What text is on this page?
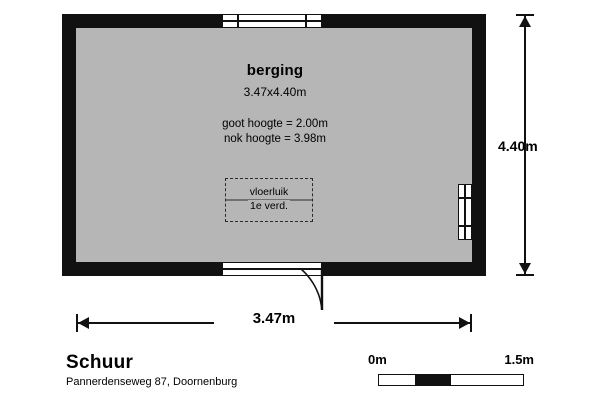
berging
3.47x4.40m
goot hoogte = 2.00m
nok hoogte = 3.98m
vloerluik
1e verd.
4.40m
3.47m
Schuur
Pannerdenseweg 87, Doornenburg
0m	1.5m
